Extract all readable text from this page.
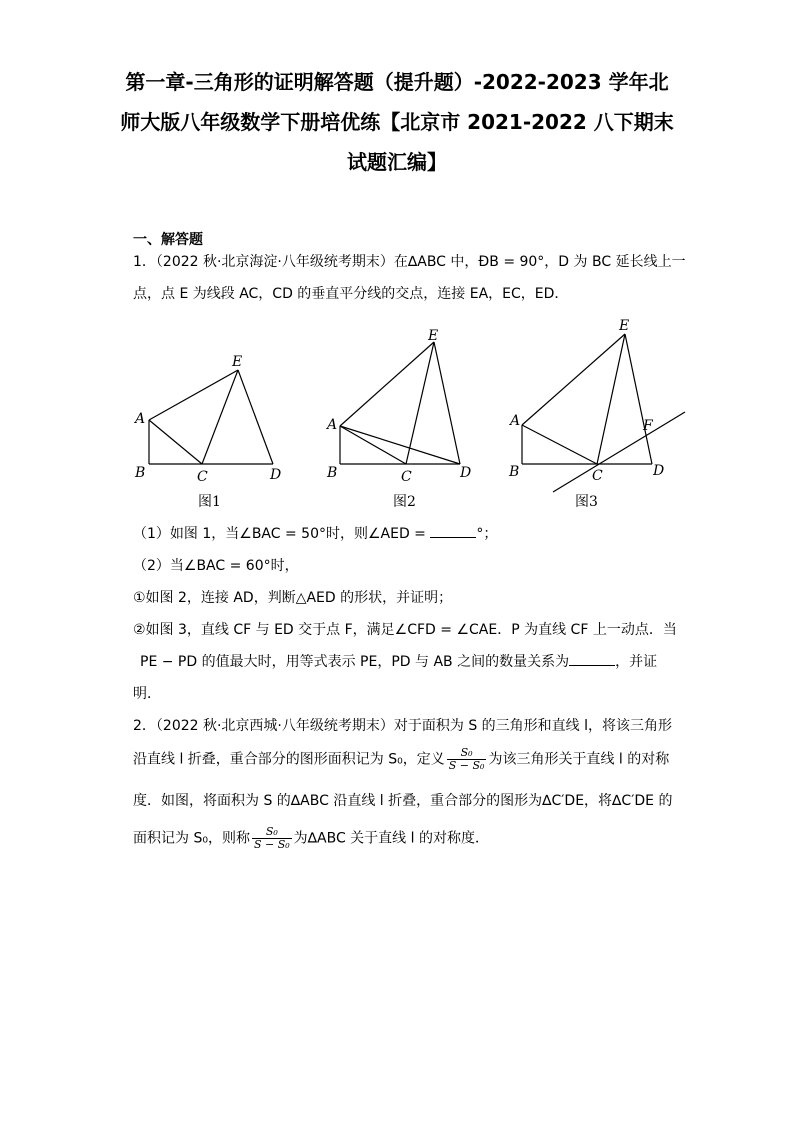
第一章-三角形的证明解答题（提升题）-2022-2023 学年北
师大版八年级数学下册培优练【北京市 2021-2022 八下期末
试题汇编】
一、解答题
1．（2022 秋·北京海淀·八年级统考期末）在∆ABC 中，ÐB = 90°，D 为 BC 延长线上一
点，点 E 为线段 AC，CD 的垂直平分线的交点，连接 EA，EC，ED．
A
B	C	D
E
图1
A
B	C	D
E
图2
A
B	C	D
E
F
图3
（1）如图 1，当∠BAC = 50°时，则∠AED =	°；
（2）当∠BAC = 60°时，
①如图 2，连接 AD，判断△AED 的形状，并证明；
②如图 3，直线 CF 与 ED 交于点 F，满足∠CFD = ∠CAE．P 为直线 CF 上一动点．当
PE − PD 的值最大时，用等式表示 PE，PD 与 AB 之间的数量关系为	，并证
明．
2．（2022 秋·北京西城·八年级统考期末）对于面积为 S 的三角形和直线 l，将该三角形
沿直线 l 折叠，重合部分的图形面积记为 S₀，定义 $\frac{\text{S₀}}{\text{S − S₀}}$ 为该三角形关于直线 l 的对称
度．如图，将面积为 S 的∆ABC 沿直线 l 折叠，重合部分的图形为∆C′DE，将∆C′DE 的
面积记为 S₀，则称 $\frac{\text{S₀}}{\text{S − S₀}}$ 为∆ABC 关于直线 l 的对称度．
